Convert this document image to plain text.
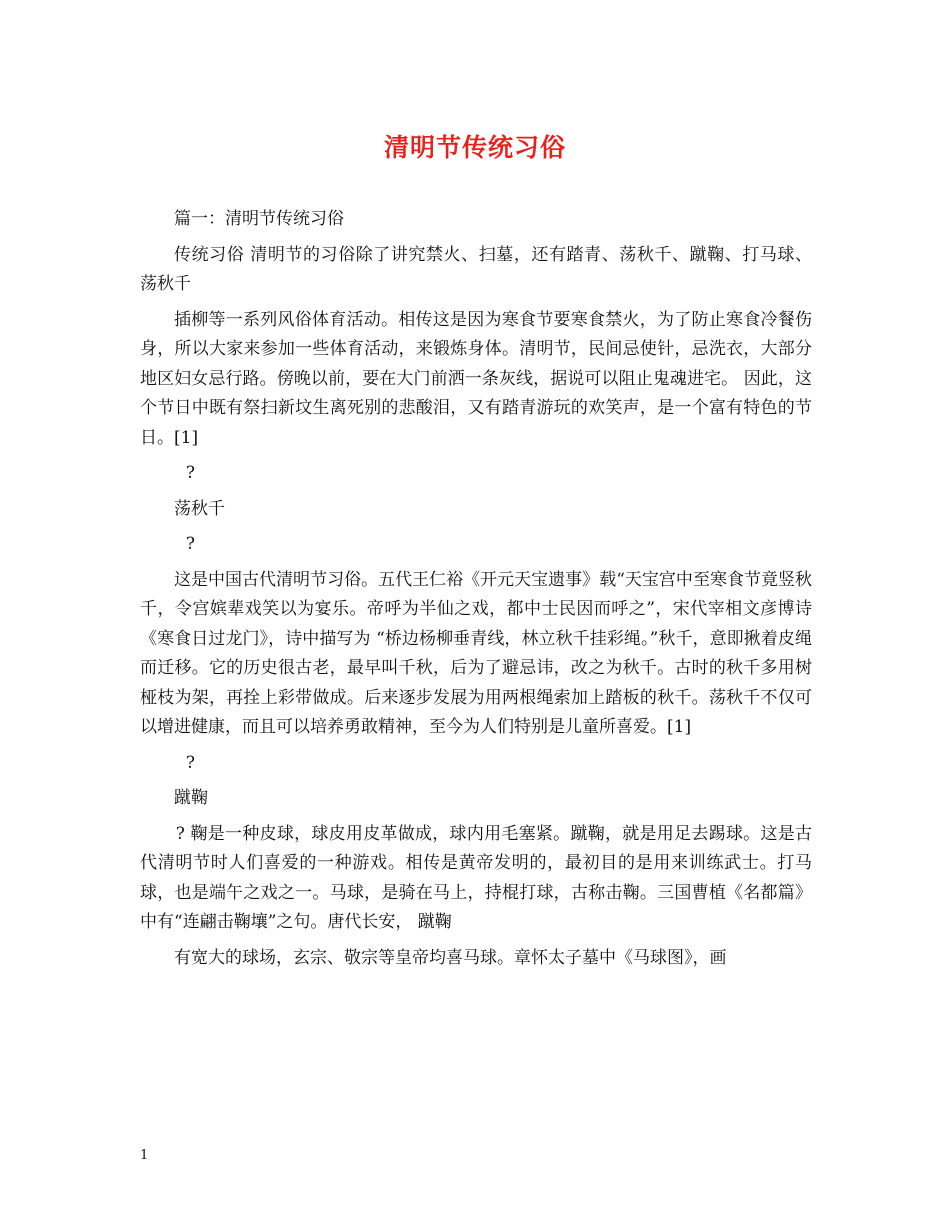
清明节传统习俗

篇一：清明节传统习俗

传统习俗 清明节的习俗除了讲究禁火、扫墓，还有踏青、荡秋千、蹴鞠、打马球、 荡秋千

插柳等一系列风俗体育活动。相传这是因为寒食节要寒食禁火，为了防止寒食冷餐伤身，所以大家来参加一些体育活动，来锻炼身体。清明节，民间忌使针，忌洗衣，大部分地区妇女忌行路。傍晚以前，要在大门前洒一条灰线，据说可以阻止鬼魂进宅。 因此，这个节日中既有祭扫新坟生离死别的悲酸泪，又有踏青游玩的欢笑声，是一个富有特色的节日。[1]

?

荡秋千

?

这是中国古代清明节习俗。五代王仁裕《开元天宝遗事》载“天宝宫中至寒食节竟竖秋千，令宫嫔辈戏笑以为宴乐。帝呼为半仙之戏，都中士民因而呼之”，宋代宰相文彦博诗《寒食日过龙门》，诗中描写为 “桥边杨柳垂青线，林立秋千挂彩绳。”秋千，意即揪着皮绳而迁移。它的历史很古老，最早叫千秋，后为了避忌讳，改之为秋千。古时的秋千多用树桠枝为架，再拴上彩带做成。后来逐步发展为用两根绳索加上踏板的秋千。荡秋千不仅可以增进健康，而且可以培养勇敢精神，至今为人们特别是儿童所喜爱。[1]

?

蹴鞠

? 鞠是一种皮球，球皮用皮革做成，球内用毛塞紧。蹴鞠，就是用足去踢球。这是古代清明节时人们喜爱的一种游戏。相传是黄帝发明的，最初目的是用来训练武士。打马球，也是端午之戏之一。马球，是骑在马上，持棍打球，古称击鞠。三国曹植《名都篇》中有“连翩击鞠壤”之句。唐代长安， 蹴鞠

有宽大的球场，玄宗、敬宗等皇帝均喜马球。章怀太子墓中《马球图》，画

1
